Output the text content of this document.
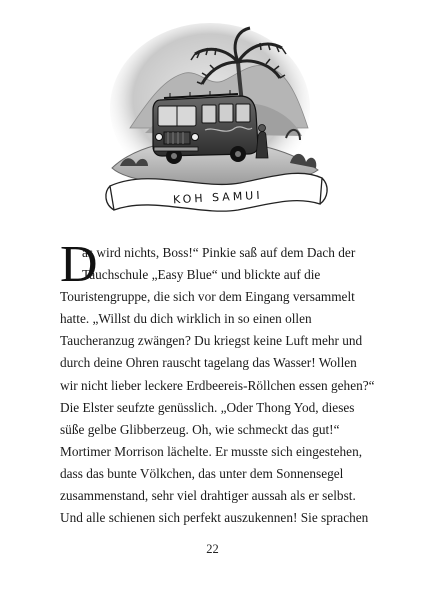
KOH SAMUI
D
as wird nichts, Boss!“ Pinkie saß auf dem Dach der
Tauchschule „Easy Blue“ und blickte auf die
Touristengruppe, die sich vor dem Eingang versammelt
hatte. „Willst du dich wirklich in so einen ollen
Taucheranzug zwängen? Du kriegst keine Luft mehr und
durch deine Ohren rauscht tagelang das Wasser! Wollen
wir nicht lieber leckere Erdbeereis-Röllchen essen gehen?“
Die Elster seufzte genüsslich. „Oder Thong Yod, dieses
süße gelbe Glibberzeug. Oh, wie schmeckt das gut!“
Mortimer Morrison lächelte. Er musste sich eingestehen,
dass das bunte Völkchen, das unter dem Sonnensegel
zusammenstand, sehr viel drahtiger aussah als er selbst.
Und alle schienen sich perfekt auszukennen! Sie sprachen
22
